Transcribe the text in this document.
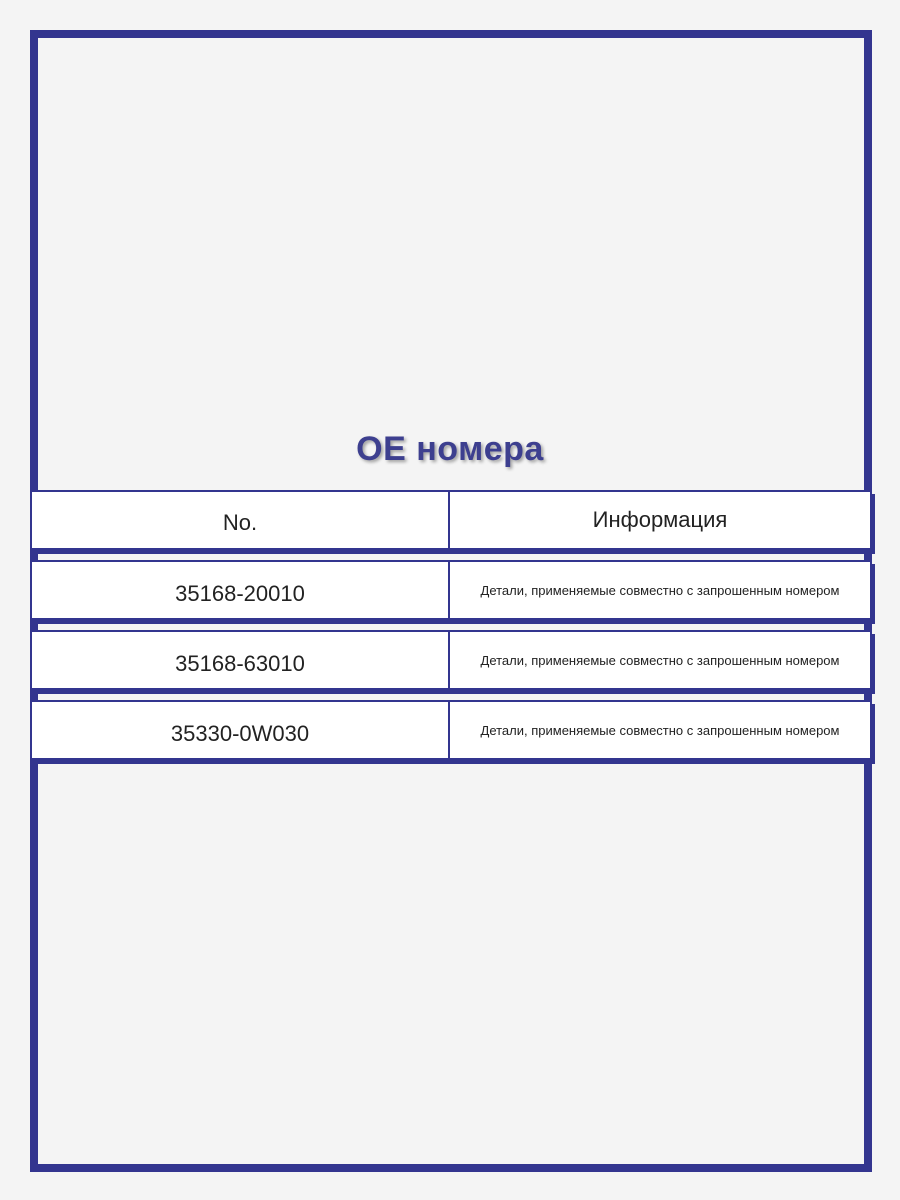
OE номера
No.	Информация
35168-20010	Детали, применяемые совместно с запрошенным номером
35168-63010	Детали, применяемые совместно с запрошенным номером
35330-0W030	Детали, применяемые совместно с запрошенным номером
